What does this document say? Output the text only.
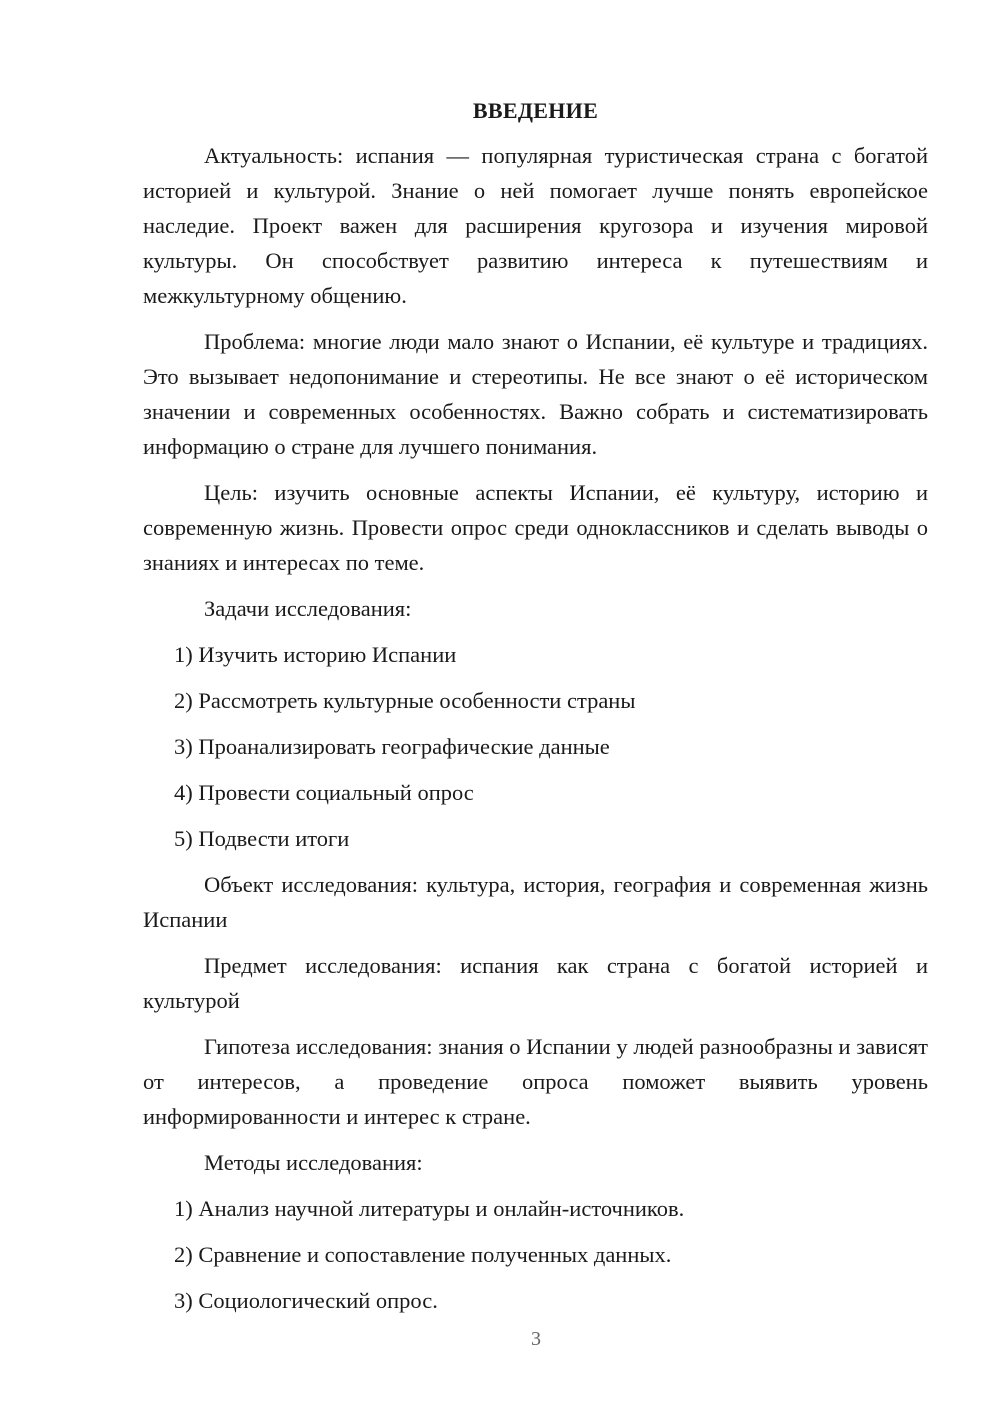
ВВЕДЕНИЕ

Актуальность: испания — популярная туристическая страна с богатой историей и культурой. Знание о ней помогает лучше понять европейское наследие. Проект важен для расширения кругозора и изучения мировой культуры. Он способствует развитию интереса к путешествиям и межкультурному общению.

Проблема: многие люди мало знают о Испании, её культуре и традициях. Это вызывает недопонимание и стереотипы. Не все знают о её историческом значении и современных особенностях. Важно собрать и систематизировать информацию о стране для лучшего понимания.

Цель: изучить основные аспекты Испании, её культуру, историю и современную жизнь. Провести опрос среди одноклассников и сделать выводы о знаниях и интересах по теме.

Задачи исследования:

1) Изучить историю Испании

2) Рассмотреть культурные особенности страны

3) Проанализировать географические данные

4) Провести социальный опрос

5) Подвести итоги

Объект исследования: культура, история, география и современная жизнь Испании

Предмет исследования: испания как страна с богатой историей и культурой

Гипотеза исследования: знания о Испании у людей разнообразны и зависят от интересов, а проведение опроса поможет выявить уровень информированности и интерес к стране.

Методы исследования:

1) Анализ научной литературы и онлайн-источников.

2) Сравнение и сопоставление полученных данных.

3) Социологический опрос.

3
